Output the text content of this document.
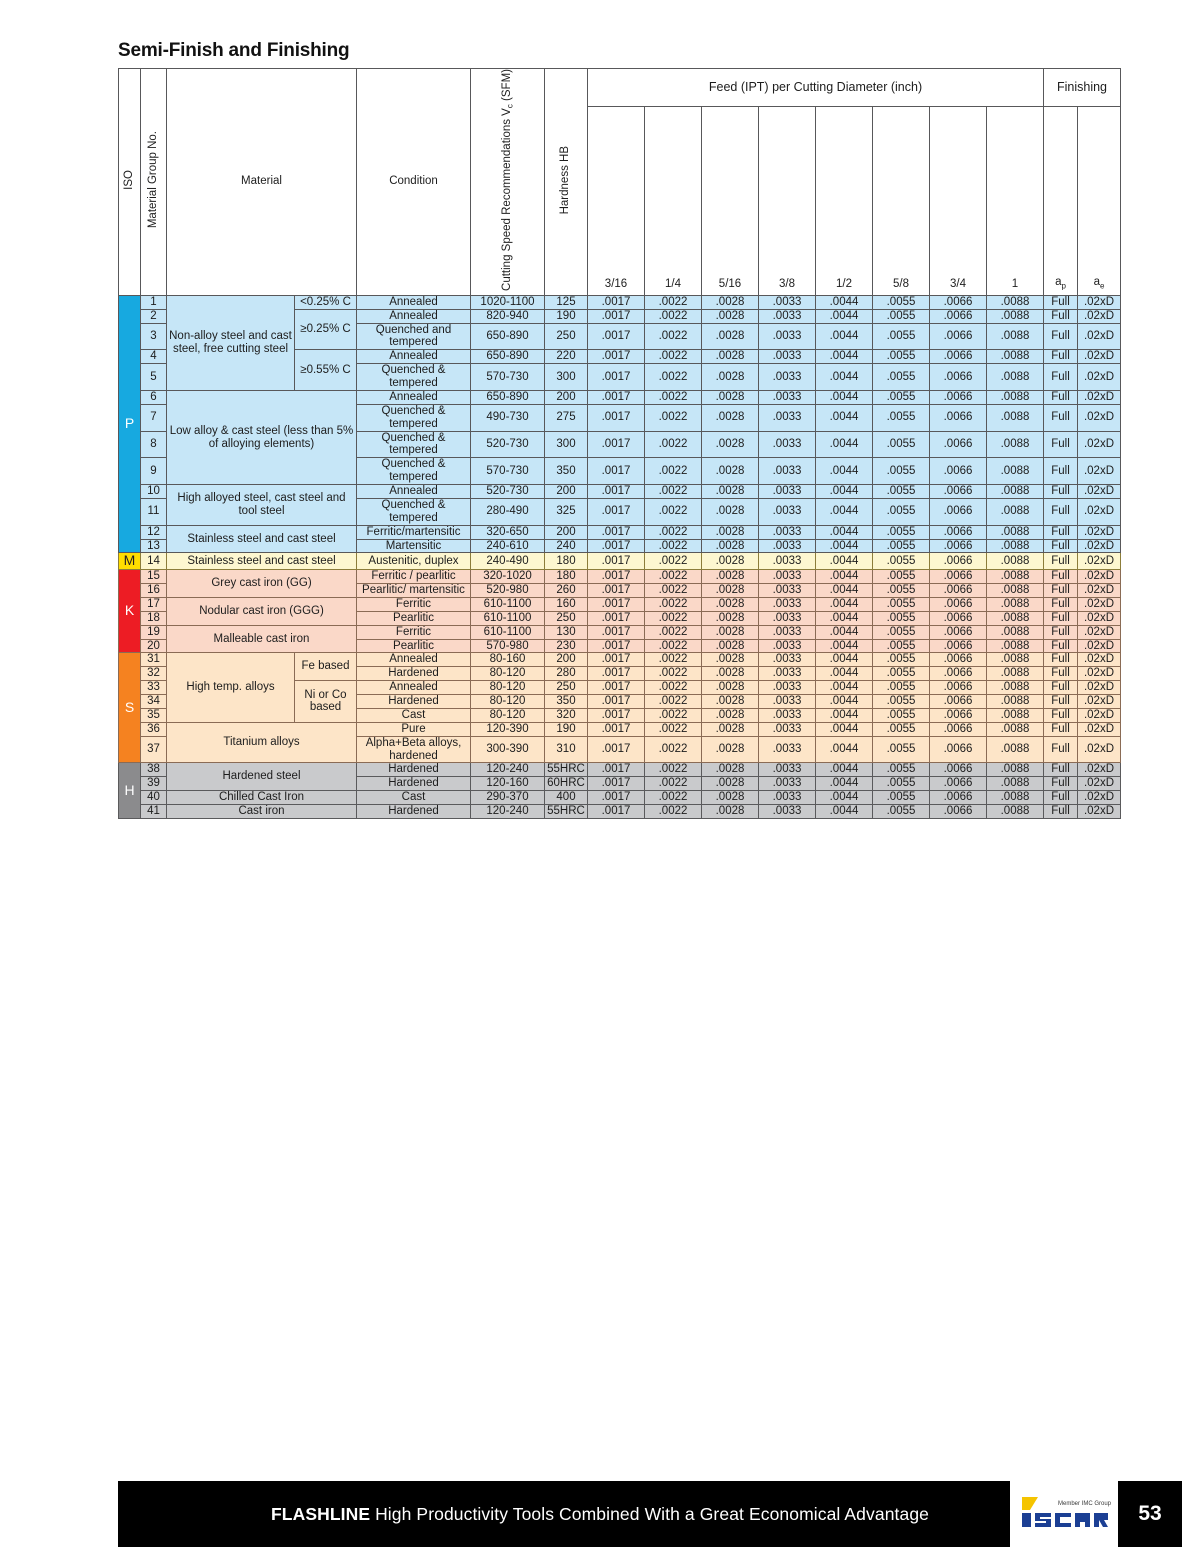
Semi-Finish and Finishing
ISO	Material Group No.	Material		Condition	Cutting Speed Recommendations $V_c$ (SFM)	Hardness HB	Feed (IPT) per Cutting Diameter (inch)								Finishing	
							3/16	1/4	5/16	3/8	1/2	5/8	3/4	1	$a_p$	$a_e$
P	1	Non-alloy steel and cast steel, free cutting steel	<0.25% C	Annealed	1020-1100	125	.0017	.0022	.0028	.0033	.0044	.0055	.0066	.0088	Full	.02xD
	2		≥0.25% C	Annealed	820-940	190	.0017	.0022	.0028	.0033	.0044	.0055	.0066	.0088	Full	.02xD
	3			Quenched and tempered	650-890	250	.0017	.0022	.0028	.0033	.0044	.0055	.0066	.0088	Full	.02xD
	4		≥0.55% C	Annealed	650-890	220	.0017	.0022	.0028	.0033	.0044	.0055	.0066	.0088	Full	.02xD
	5			Quenched & tempered	570-730	300	.0017	.0022	.0028	.0033	.0044	.0055	.0066	.0088	Full	.02xD
	6	Low alloy & cast steel (less than 5% of alloying elements)		Annealed	650-890	200	.0017	.0022	.0028	.0033	.0044	.0055	.0066	.0088	Full	.02xD
	7			Quenched & tempered	490-730	275	.0017	.0022	.0028	.0033	.0044	.0055	.0066	.0088	Full	.02xD
	8			Quenched & tempered	520-730	300	.0017	.0022	.0028	.0033	.0044	.0055	.0066	.0088	Full	.02xD
	9			Quenched & tempered	570-730	350	.0017	.0022	.0028	.0033	.0044	.0055	.0066	.0088	Full	.02xD
	10	High alloyed steel, cast steel and tool steel		Annealed	520-730	200	.0017	.0022	.0028	.0033	.0044	.0055	.0066	.0088	Full	.02xD
	11			Quenched & tempered	280-490	325	.0017	.0022	.0028	.0033	.0044	.0055	.0066	.0088	Full	.02xD
	12	Stainless steel and cast steel		Ferritic/martensitic	320-650	200	.0017	.0022	.0028	.0033	.0044	.0055	.0066	.0088	Full	.02xD
	13			Martensitic	240-610	240	.0017	.0022	.0028	.0033	.0044	.0055	.0066	.0088	Full	.02xD
M	14	Stainless steel and cast steel		Austenitic, duplex	240-490	180	.0017	.0022	.0028	.0033	.0044	.0055	.0066	.0088	Full	.02xD
K	15	Grey cast iron (GG)		Ferritic / pearlitic	320-1020	180	.0017	.0022	.0028	.0033	.0044	.0055	.0066	.0088	Full	.02xD
	16			Pearlitic/ martensitic	520-980	260	.0017	.0022	.0028	.0033	.0044	.0055	.0066	.0088	Full	.02xD
	17	Nodular cast iron (GGG)		Ferritic	610-1100	160	.0017	.0022	.0028	.0033	.0044	.0055	.0066	.0088	Full	.02xD
	18			Pearlitic	610-1100	250	.0017	.0022	.0028	.0033	.0044	.0055	.0066	.0088	Full	.02xD
	19	Malleable cast iron		Ferritic	610-1100	130	.0017	.0022	.0028	.0033	.0044	.0055	.0066	.0088	Full	.02xD
	20			Pearlitic	570-980	230	.0017	.0022	.0028	.0033	.0044	.0055	.0066	.0088	Full	.02xD
S	31	High temp. alloys	Fe based	Annealed	80-160	200	.0017	.0022	.0028	.0033	.0044	.0055	.0066	.0088	Full	.02xD
	32			Hardened	80-120	280	.0017	.0022	.0028	.0033	.0044	.0055	.0066	.0088	Full	.02xD
	33		Ni or Co based	Annealed	80-120	250	.0017	.0022	.0028	.0033	.0044	.0055	.0066	.0088	Full	.02xD
	34			Hardened	80-120	350	.0017	.0022	.0028	.0033	.0044	.0055	.0066	.0088	Full	.02xD
	35			Cast	80-120	320	.0017	.0022	.0028	.0033	.0044	.0055	.0066	.0088	Full	.02xD
	36	Titanium alloys		Pure	120-390	190	.0017	.0022	.0028	.0033	.0044	.0055	.0066	.0088	Full	.02xD
	37			Alpha+Beta alloys, hardened	300-390	310	.0017	.0022	.0028	.0033	.0044	.0055	.0066	.0088	Full	.02xD
H	38	Hardened steel		Hardened	120-240	55HRC	.0017	.0022	.0028	.0033	.0044	.0055	.0066	.0088	Full	.02xD
	39			Hardened	120-160	60HRC	.0017	.0022	.0028	.0033	.0044	.0055	.0066	.0088	Full	.02xD
	40	Chilled Cast Iron		Cast	290-370	400	.0017	.0022	.0028	.0033	.0044	.0055	.0066	.0088	Full	.02xD
	41	Cast iron		Hardened	120-240	55HRC	.0017	.0022	.0028	.0033	.0044	.0055	.0066	.0088	Full	.02xD
FLASHLINE High Productivity Tools Combined With a Great Economical Advantage	Member IMC Group 53
